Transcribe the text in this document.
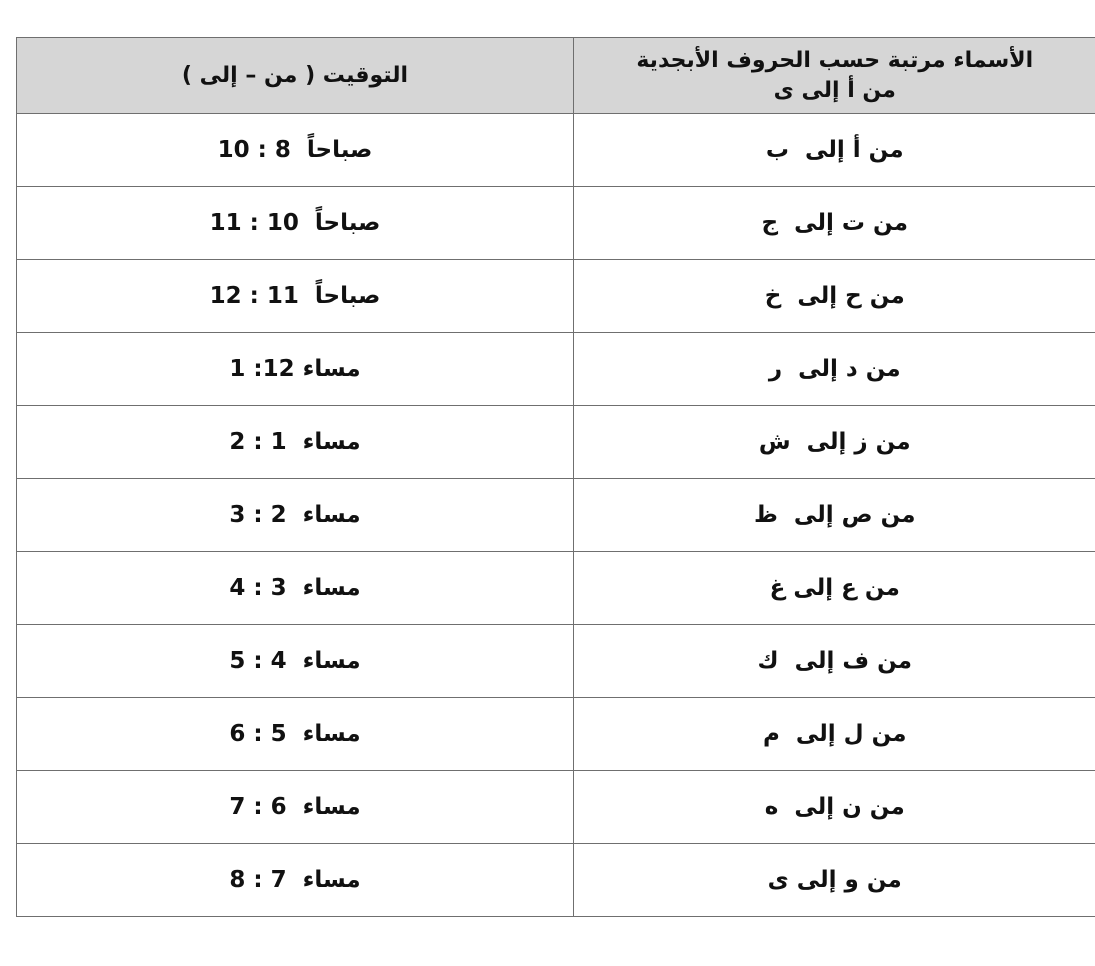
الأسماء مرتبة حسب الحروف الأبجدية
من أ إلى ى	التوقيت ( من – إلى )
من أ إلى  ب	صباحاً  8 : 10
من ت إلى  ج	صباحاً  10 : 11
من ح إلى  خ	صباحاً  11 : 12
من د إلى  ر	مساء 12: 1
من ز إلى  ش	مساء  1 : 2
من ص إلى  ظ	مساء  2 : 3
من ع إلى غ	مساء  3 : 4
من ف إلى  ك	مساء  4 : 5
من ل إلى  م	مساء  5 : 6
من ن إلى  ه	مساء  6 : 7
من و إلى ى	مساء  7 : 8
